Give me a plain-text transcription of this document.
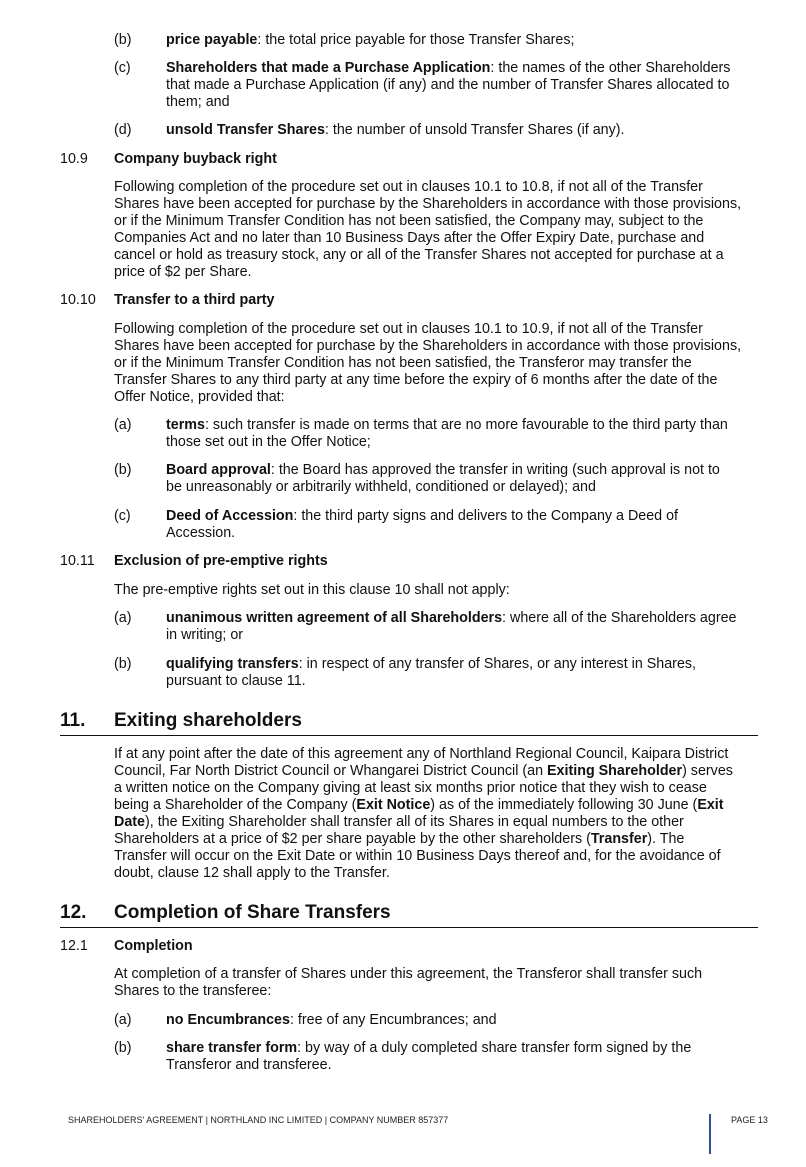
(b) price payable: the total price payable for those Transfer Shares;
(c) Shareholders that made a Purchase Application: the names of the other Shareholders
that made a Purchase Application (if any) and the number of Transfer Shares allocated to
them; and
(d) unsold Transfer Shares: the number of unsold Transfer Shares (if any).
10.9 Company buyback right
Following completion of the procedure set out in clauses 10.1 to 10.8, if not all of the Transfer
Shares have been accepted for purchase by the Shareholders in accordance with those provisions,
or if the Minimum Transfer Condition has not been satisfied, the Company may, subject to the
Companies Act and no later than 10 Business Days after the Offer Expiry Date, purchase and
cancel or hold as treasury stock, any or all of the Transfer Shares not accepted for purchase at a
price of $2 per Share.
10.10 Transfer to a third party
Following completion of the procedure set out in clauses 10.1 to 10.9, if not all of the Transfer
Shares have been accepted for purchase by the Shareholders in accordance with those provisions,
or if the Minimum Transfer Condition has not been satisfied, the Transferor may transfer the
Transfer Shares to any third party at any time before the expiry of 6 months after the date of the
Offer Notice, provided that:
(a) terms: such transfer is made on terms that are no more favourable to the third party than
those set out in the Offer Notice;
(b) Board approval: the Board has approved the transfer in writing (such approval is not to
be unreasonably or arbitrarily withheld, conditioned or delayed); and
(c) Deed of Accession: the third party signs and delivers to the Company a Deed of
Accession.
10.11 Exclusion of pre-emptive rights
The pre-emptive rights set out in this clause 10 shall not apply:
(a) unanimous written agreement of all Shareholders: where all of the Shareholders agree
in writing; or
(b) qualifying transfers: in respect of any transfer of Shares, or any interest in Shares,
pursuant to clause 11.
11. Exiting shareholders
If at any point after the date of this agreement any of Northland Regional Council, Kaipara District
Council, Far North District Council or Whangarei District Council (an Exiting Shareholder) serves
a written notice on the Company giving at least six months prior notice that they wish to cease
being a Shareholder of the Company (Exit Notice) as of the immediately following 30 June (Exit
Date), the Exiting Shareholder shall transfer all of its Shares in equal numbers to the other
Shareholders at a price of $2 per share payable by the other shareholders (Transfer). The
Transfer will occur on the Exit Date or within 10 Business Days thereof and, for the avoidance of
doubt, clause 12 shall apply to the Transfer.
12. Completion of Share Transfers
12.1 Completion
At completion of a transfer of Shares under this agreement, the Transferor shall transfer such
Shares to the transferee:
(a) no Encumbrances: free of any Encumbrances; and
(b) share transfer form: by way of a duly completed share transfer form signed by the
Transferor and transferee.
SHAREHOLDERS' AGREEMENT | NORTHLAND INC LIMITED | COMPANY NUMBER 857377	PAGE 13
